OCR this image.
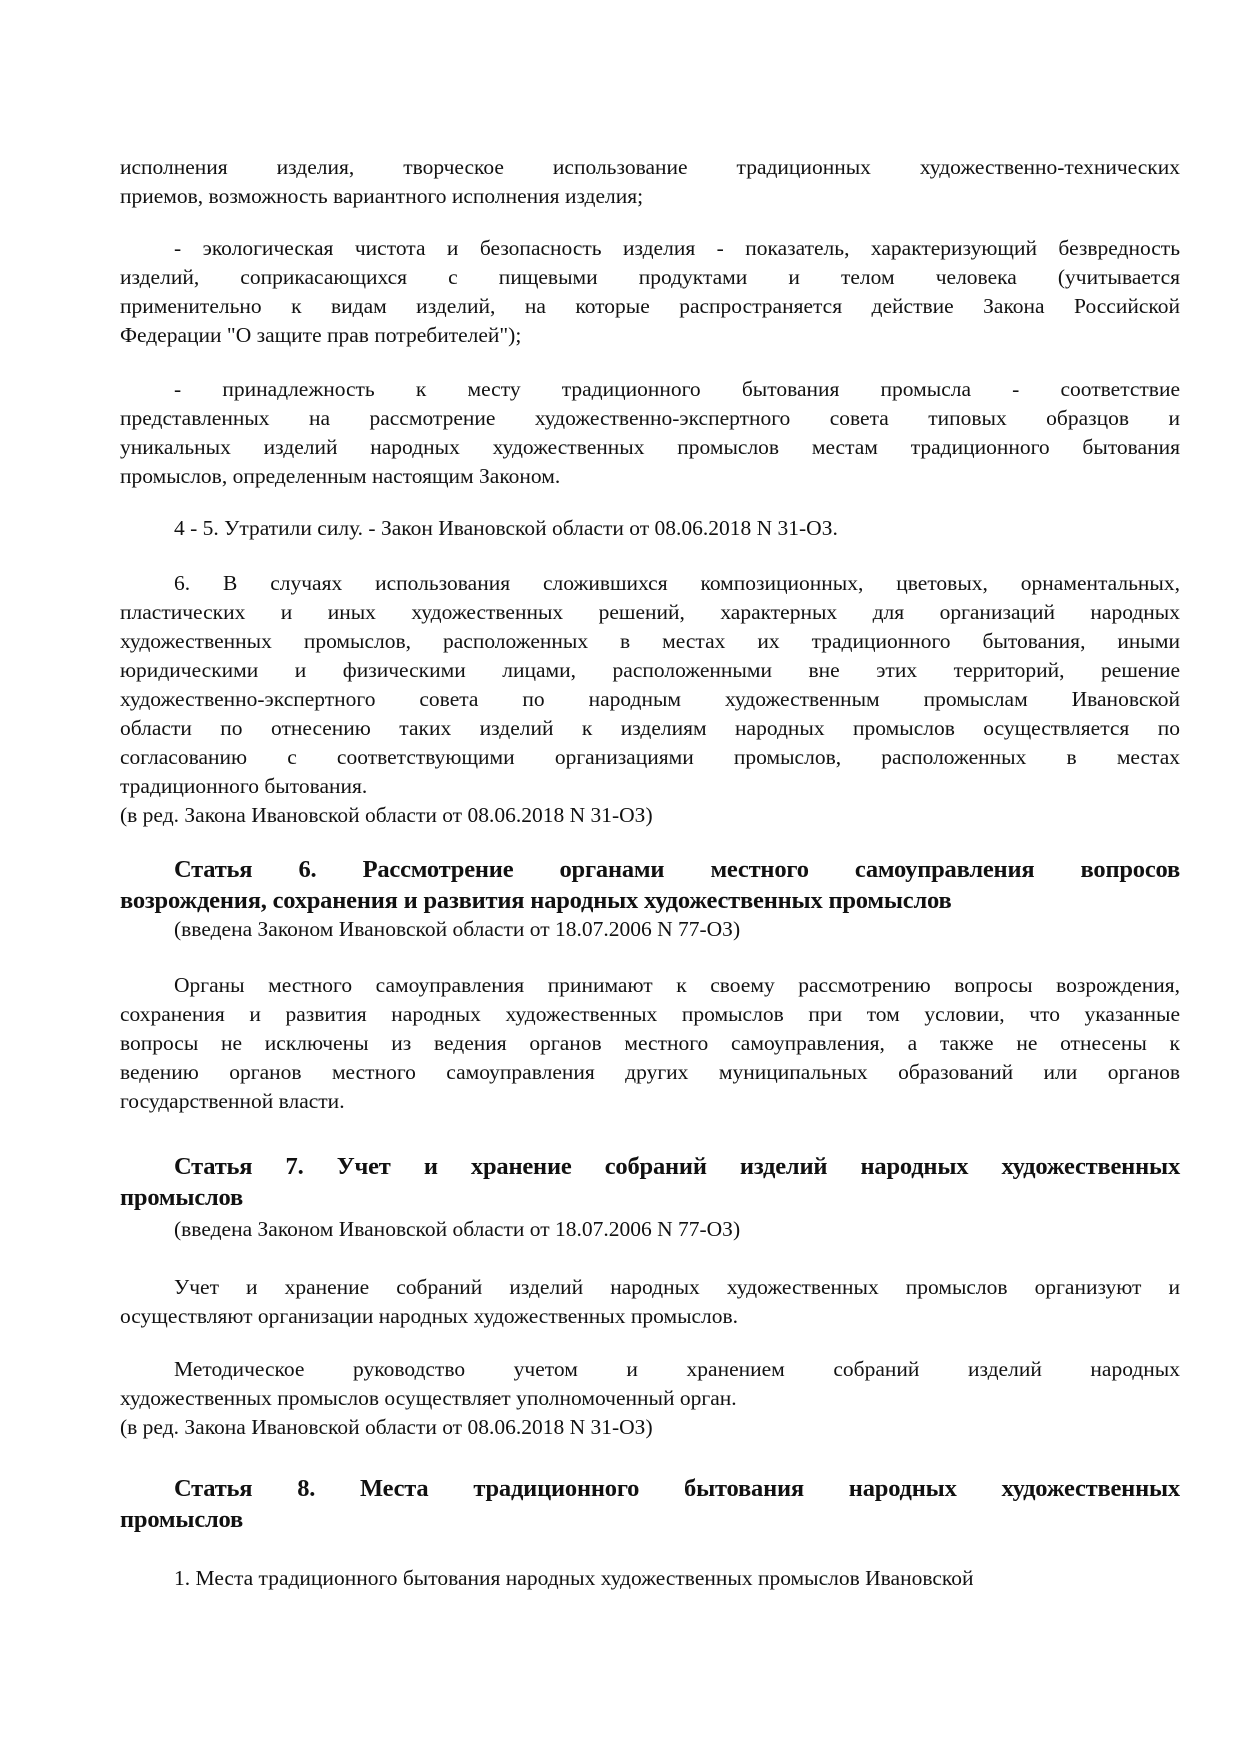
исполнения изделия, творческое использование традиционных художественно-технических
приемов, возможность вариантного исполнения изделия;
- экологическая чистота и безопасность изделия - показатель, характеризующий безвредность
изделий, соприкасающихся с пищевыми продуктами и телом человека (учитывается
применительно к видам изделий, на которые распространяется действие Закона Российской
Федерации "О защите прав потребителей");
- принадлежность к месту традиционного бытования промысла - соответствие
представленных на рассмотрение художественно-экспертного совета типовых образцов и
уникальных изделий народных художественных промыслов местам традиционного бытования
промыслов, определенным настоящим Законом.
4 - 5. Утратили силу. - Закон Ивановской области от 08.06.2018 N 31-ОЗ.
6. В случаях использования сложившихся композиционных, цветовых, орнаментальных,
пластических и иных художественных решений, характерных для организаций народных
художественных промыслов, расположенных в местах их традиционного бытования, иными
юридическими и физическими лицами, расположенными вне этих территорий, решение
художественно-экспертного совета по народным художественным промыслам Ивановской
области по отнесению таких изделий к изделиям народных промыслов осуществляется по
согласованию с соответствующими организациями промыслов, расположенных в местах
традиционного бытования.
(в ред. Закона Ивановской области от 08.06.2018 N 31-ОЗ)
Статья 6. Рассмотрение органами местного самоуправления вопросов
возрождения, сохранения и развития народных художественных промыслов
(введена Законом Ивановской области от 18.07.2006 N 77-ОЗ)
Органы местного самоуправления принимают к своему рассмотрению вопросы возрождения,
сохранения и развития народных художественных промыслов при том условии, что указанные
вопросы не исключены из ведения органов местного самоуправления, а также не отнесены к
ведению органов местного самоуправления других муниципальных образований или органов
государственной власти.
Статья 7. Учет и хранение собраний изделий народных художественных
промыслов
(введена Законом Ивановской области от 18.07.2006 N 77-ОЗ)
Учет и хранение собраний изделий народных художественных промыслов организуют и
осуществляют организации народных художественных промыслов.
Методическое руководство учетом и хранением собраний изделий народных
художественных промыслов осуществляет уполномоченный орган.
(в ред. Закона Ивановской области от 08.06.2018 N 31-ОЗ)
Статья 8. Места традиционного бытования народных художественных
промыслов
1. Места традиционного бытования народных художественных промыслов Ивановской
